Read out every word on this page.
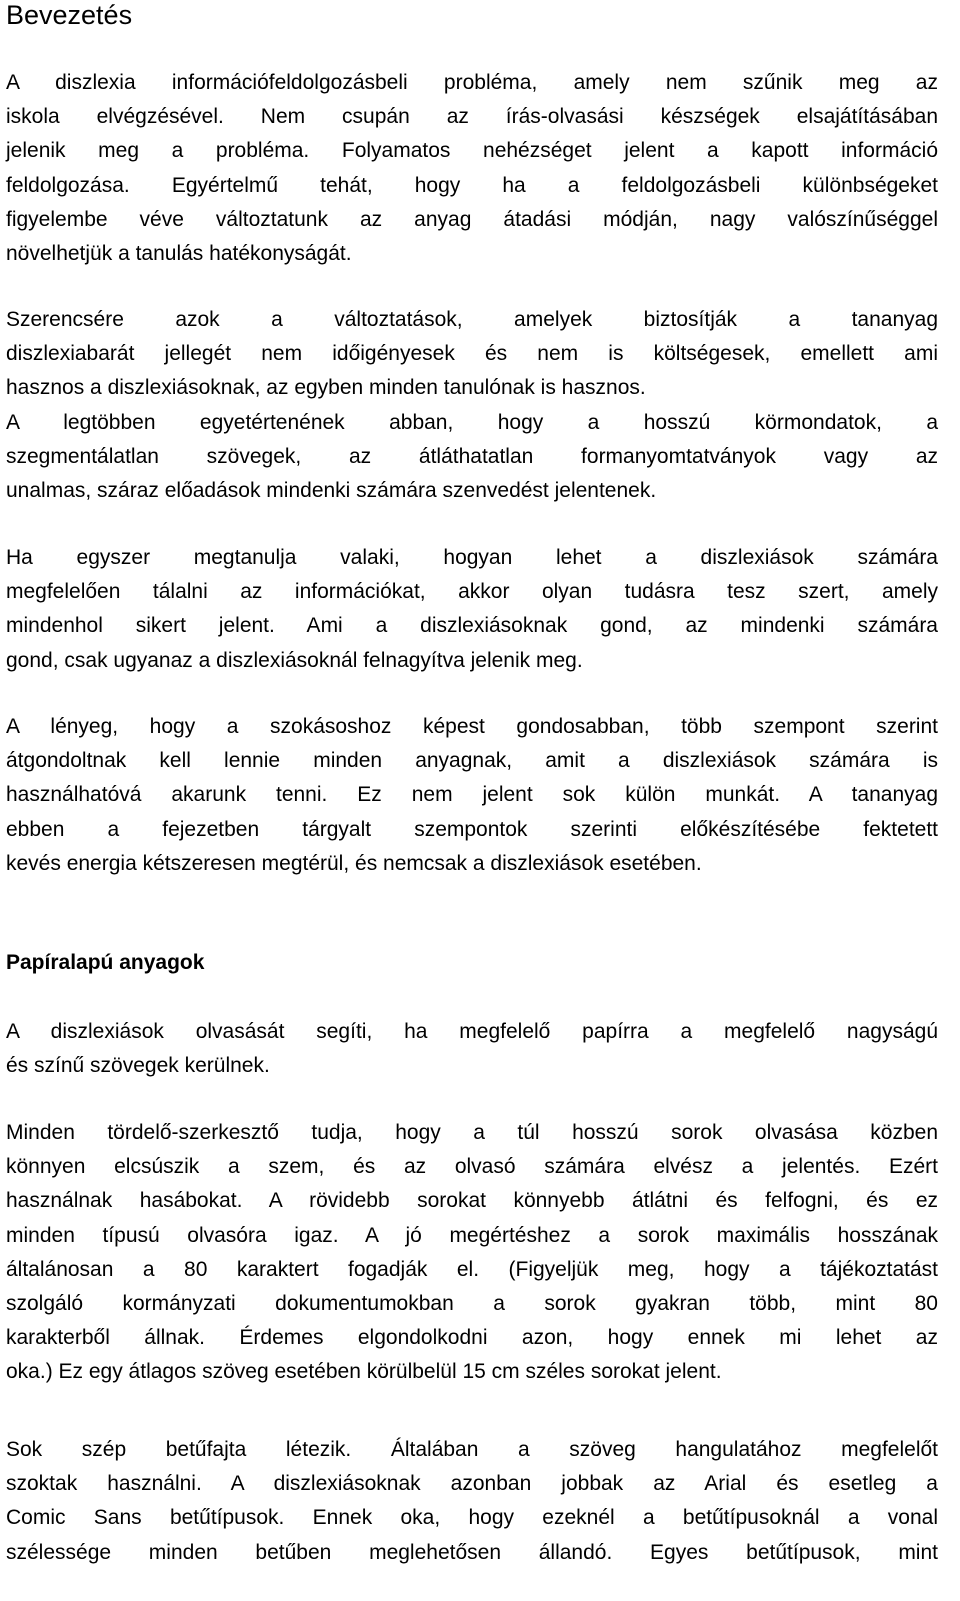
Bevezetés

A diszlexia információfeldolgozásbeli probléma, amely nem szűnik meg az
iskola elvégzésével. Nem csupán az írás-olvasási készségek elsajátításában
jelenik meg a probléma. Folyamatos nehézséget jelent a kapott információ
feldolgozása. Egyértelmű tehát, hogy ha a feldolgozásbeli különbségeket
figyelembe véve változtatunk az anyag átadási módján, nagy valószínűséggel
növelhetjük a tanulás hatékonyságát.

Szerencsére azok a változtatások, amelyek biztosítják a tananyag
diszlexiabarát jellegét nem időigényesek és nem is költségesek, emellett ami
hasznos a diszlexiásoknak, az egyben minden tanulónak is hasznos.
A legtöbben egyetértenének abban, hogy a hosszú körmondatok, a
szegmentálatlan szövegek, az átláthatatlan formanyomtatványok vagy az
unalmas, száraz előadások mindenki számára szenvedést jelentenek.

Ha egyszer megtanulja valaki, hogyan lehet a diszlexiások számára
megfelelően tálalni az információkat, akkor olyan tudásra tesz szert, amely
mindenhol sikert jelent. Ami a diszlexiásoknak gond, az mindenki számára
gond, csak ugyanaz a diszlexiásoknál felnagyítva jelenik meg.

A lényeg, hogy a szokásoshoz képest gondosabban, több szempont szerint
átgondoltnak kell lennie minden anyagnak, amit a diszlexiások számára is
használhatóvá akarunk tenni. Ez nem jelent sok külön munkát. A tananyag
ebben a fejezetben tárgyalt szempontok szerinti előkészítésébe fektetett
kevés energia kétszeresen megtérül, és nemcsak a diszlexiások esetében.

Papíralapú anyagok

A diszlexiások olvasását segíti, ha megfelelő papírra a megfelelő nagyságú
és színű szövegek kerülnek.

Minden tördelő-szerkesztő tudja, hogy a túl hosszú sorok olvasása közben
könnyen elcsúszik a szem, és az olvasó számára elvész a jelentés. Ezért
használnak hasábokat. A rövidebb sorokat könnyebb átlátni és felfogni, és ez
minden típusú olvasóra igaz. A jó megértéshez a sorok maximális hosszának
általánosan a 80 karaktert fogadják el. (Figyeljük meg, hogy a tájékoztatást
szolgáló kormányzati dokumentumokban a sorok gyakran több, mint 80
karakterből állnak. Érdemes elgondolkodni azon, hogy ennek mi lehet az
oka.) Ez egy átlagos szöveg esetében körülbelül 15 cm széles sorokat jelent.

Sok szép betűfajta létezik. Általában a szöveg hangulatához megfelelőt
szoktak használni. A diszlexiásoknak azonban jobbak az Arial és esetleg a
Comic Sans betűtípusok. Ennek oka, hogy ezeknél a betűtípusoknál a vonal
szélessége minden betűben meglehetősen állandó. Egyes betűtípusok, mint
